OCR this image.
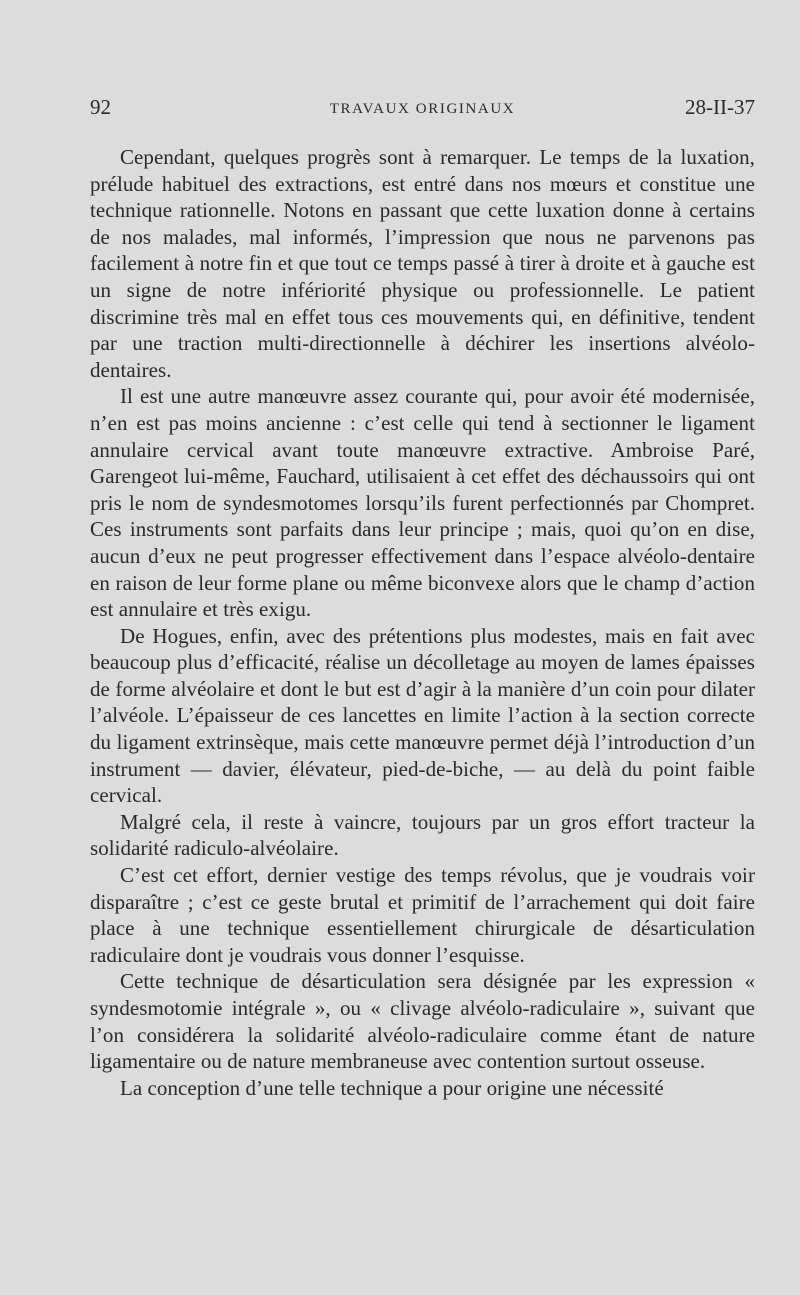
92	TRAVAUX ORIGINAUX	28-II-37

Cependant, quelques progrès sont à remarquer. Le temps de la luxation, prélude habituel des extractions, est entré dans nos mœurs et constitue une technique rationnelle. Notons en passant que cette luxation donne à certains de nos malades, mal informés, l’impression que nous ne parvenons pas facilement à notre fin et que tout ce temps passé à tirer à droite et à gauche est un signe de notre infériorité physique ou professionnelle. Le patient discrimine très mal en effet tous ces mouvements qui, en définitive, tendent par une traction multi-directionnelle à déchirer les insertions alvéolo-dentaires.

Il est une autre manœuvre assez courante qui, pour avoir été modernisée, n’en est pas moins ancienne : c’est celle qui tend à sectionner le ligament annulaire cervical avant toute manœuvre extractive. Ambroise Paré, Garengeot lui-même, Fauchard, utilisaient à cet effet des déchaussoirs qui ont pris le nom de syndesmotomes lorsqu’ils furent perfectionnés par Chompret. Ces instruments sont parfaits dans leur principe ; mais, quoi qu’on en dise, aucun d’eux ne peut progresser effectivement dans l’espace alvéolo-dentaire en raison de leur forme plane ou même biconvexe alors que le champ d’action est annulaire et très exigu.

De Hogues, enfin, avec des prétentions plus modestes, mais en fait avec beaucoup plus d’efficacité, réalise un décolletage au moyen de lames épaisses de forme alvéolaire et dont le but est d’agir à la manière d’un coin pour dilater l’alvéole. L’épaisseur de ces lancettes en limite l’action à la section correcte du ligament extrinsèque, mais cette manœuvre permet déjà l’introduction d’un instrument — davier, élévateur, pied-de-biche, — au delà du point faible cervical.

Malgré cela, il reste à vaincre, toujours par un gros effort tracteur la solidarité radiculo-alvéolaire.

C’est cet effort, dernier vestige des temps révolus, que je voudrais voir disparaître ; c’est ce geste brutal et primitif de l’arrachement qui doit faire place à une technique essentiellement chirurgicale de désarticulation radiculaire dont je voudrais vous donner l’esquisse.

Cette technique de désarticulation sera désignée par les expression « syndesmotomie intégrale », ou « clivage alvéolo-radiculaire », suivant que l’on considérera la solidarité alvéolo-radiculaire comme étant de nature ligamentaire ou de nature membraneuse avec contention surtout osseuse.

La conception d’une telle technique a pour origine une nécessité
